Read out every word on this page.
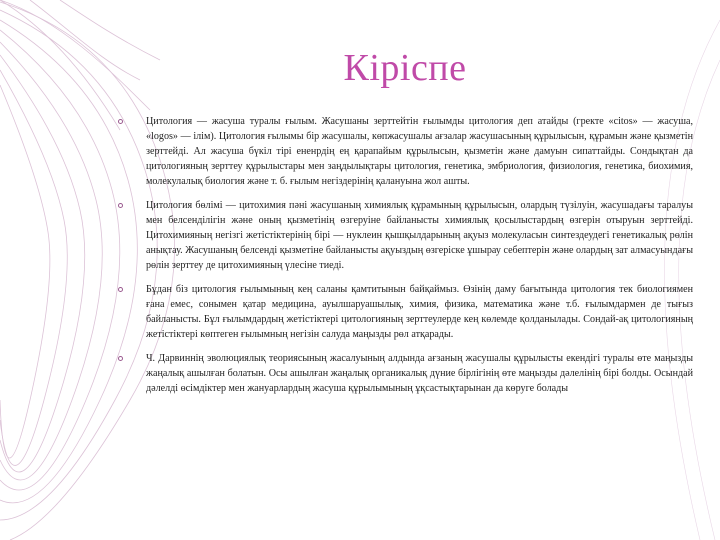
Кіріспе
Цитология — жасуша туралы ғылым. Жасушаны зерттейтін ғылымды цитология деп атайды (гректе «citos» — жасуша, «logos» — ілім). Цитология ғылымы бір жасушалы, көпжасушалы ағзалар жасушасының құрылысын, құрамын және қызметін зерттейді. Ал жасуша бүкіл тірі ененрдің ең қарапайым құрылысын, қызметін және дамуын сипаттайды. Сондықтан да цитологияның зерттеу құрылыстары мен заңдылықтары цитология, генетика, эмбриология, физиология, генетика, биохимия, молекулалық биология және т. б. ғылым негіздерінің қалануына жол ашты.
Цитология бөлімі — цитохимия пәні жасушаның химиялық құрамының құрылысын, олардың түзілуін, жасушадағы таралуы мен белсенділігін және оның қызметінің өзгеруіне байланысты химиялық қосылыстардың өзгерін отыруын зерттейді. Цитохимияның негізгі жетістіктерінің бірі — нуклеин қышқылдарының ақуыз молекуласын синтездеудегі генетикалық рөлін анықтау. Жасушаның белсенді қызметіне байланысты ақуыздың өзгеріске ұшырау себептерін және олардың зат алмасуындағы рөлін зерттеу де цитохимияның үлесіне тиеді.
Бұдан біз цитология ғылымының кең саланы қамтитынын байқаймыз. Өзінің даму бағытында цитология тек биологиямен ғана емес, сонымен қатар медицина, ауылшаруашылық, химия, физика, математика және т.б. ғылымдармен де тығыз байланысты. Бұл ғылымдардың жетістіктері цитологияның зерттеулерде кең көлемде қолданылады. Сондай-ақ цитологияның жетістіктері көптеген ғылымның негізін салуда маңызды рөл атқарады.
Ч. Дарвиннің эволюциялық теориясының жасалуының алдында ағзаның жасушалы құрылысты екендігі туралы өте маңызды жаңалық ашылған болатын. Осы ашылған жаңалық органикалық дүние бірлігінің өте маңызды дәлелінің бірі болды. Осындай дәлелді өсімдіктер мен жануарлардың жасуша құрылымының ұқсастықтарынан да көруге болады
